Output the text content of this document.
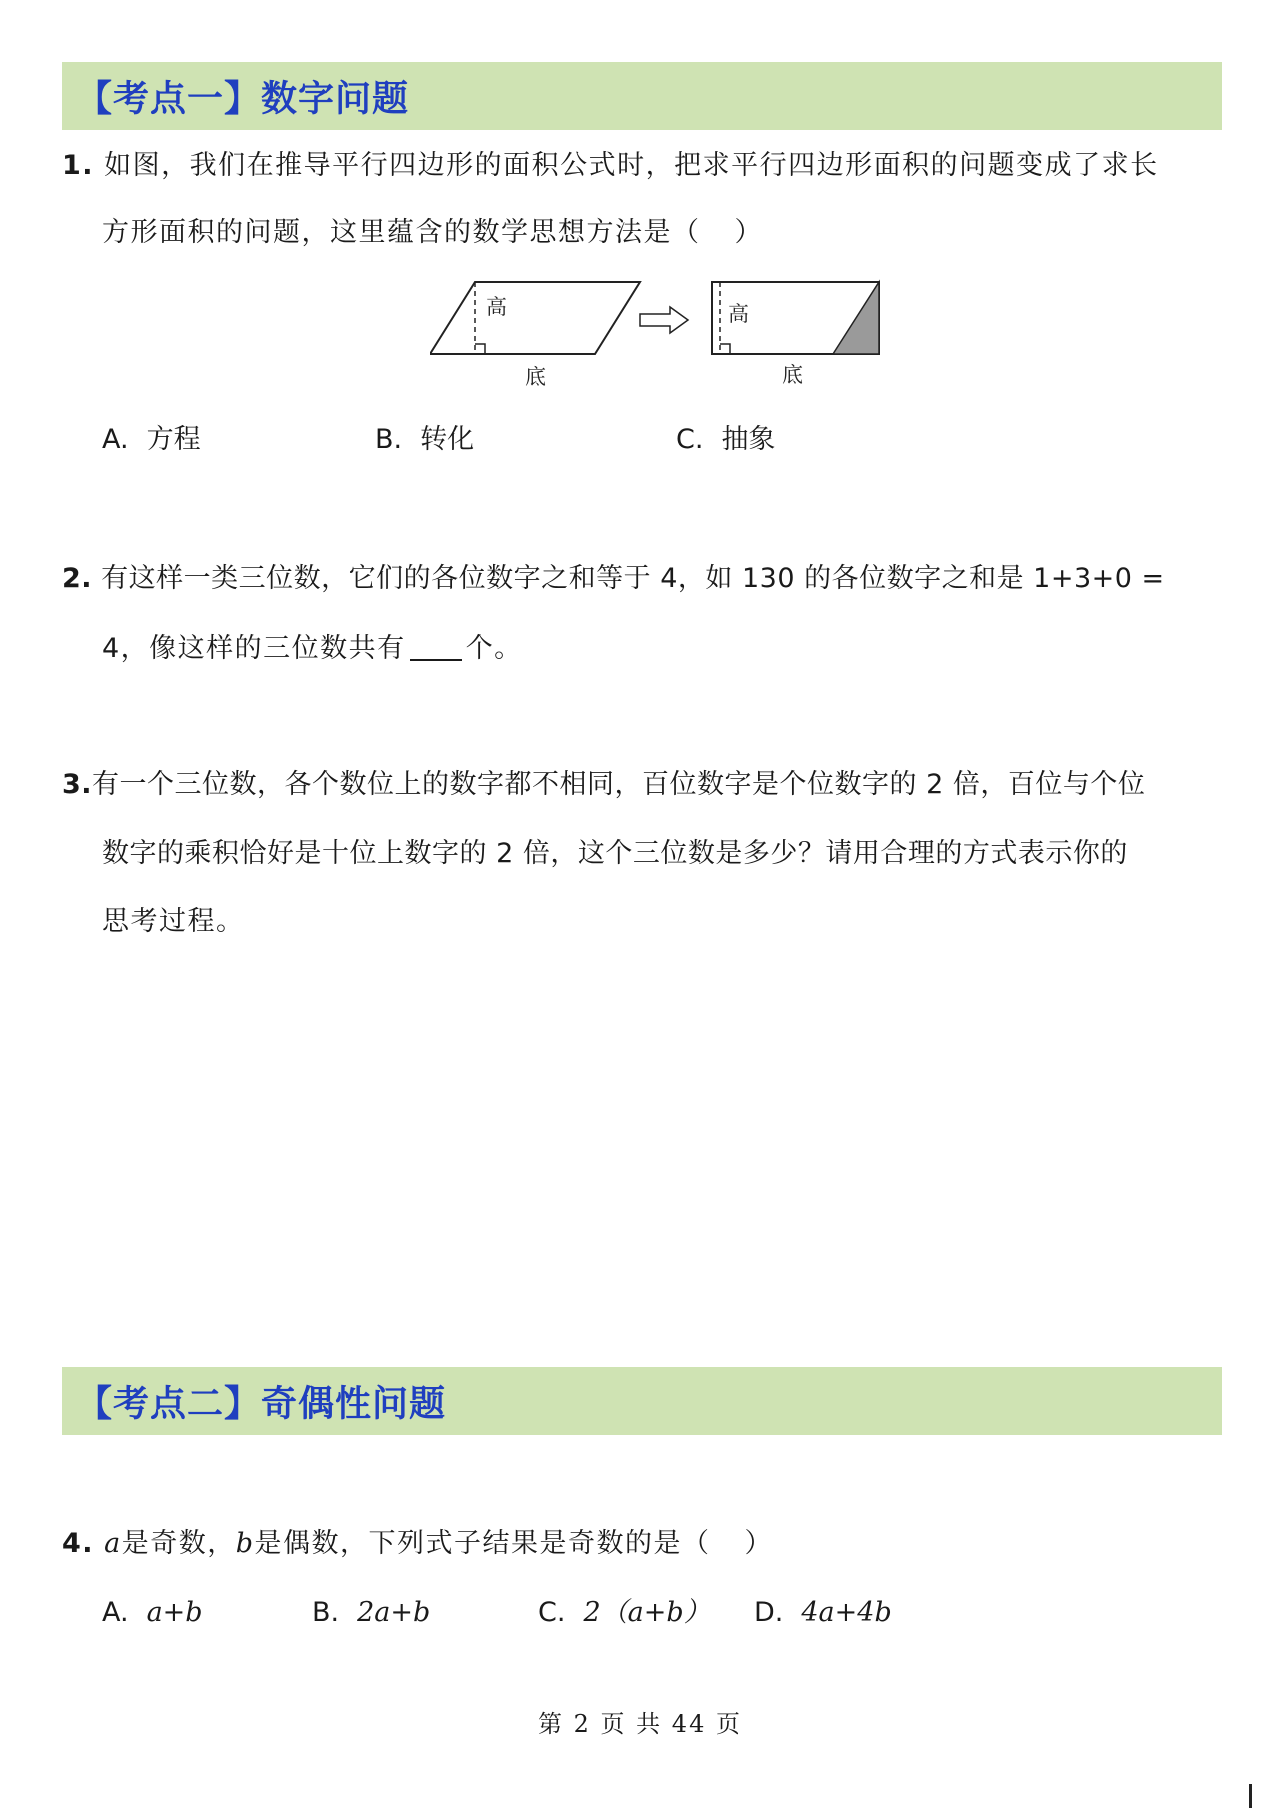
【考点一】数字问题
1. 如图，我们在推导平行四边形的面积公式时，把求平行四边形面积的问题变成了求长
方形面积的问题，这里蕴含的数学思想方法是（ ）
高
底
高
底
A. 方程	B. 转化	C. 抽象
2. 有这样一类三位数，它们的各位数字之和等于 4，如 130 的各位数字之和是 1+3+0 =
4，像这样的三位数共有 个。
3.有一个三位数，各个数位上的数字都不相同，百位数字是个位数字的 2 倍，百位与个位
数字的乘积恰好是十位上数字的 2 倍，这个三位数是多少？请用合理的方式表示你的
思考过程。
【考点二】奇偶性问题
4. a是奇数，b是偶数，下列式子结果是奇数的是（ ）
A. a+b	B. 2a+b	C. 2（a+b） D. 4a+4b
第 2 页 共 44 页
